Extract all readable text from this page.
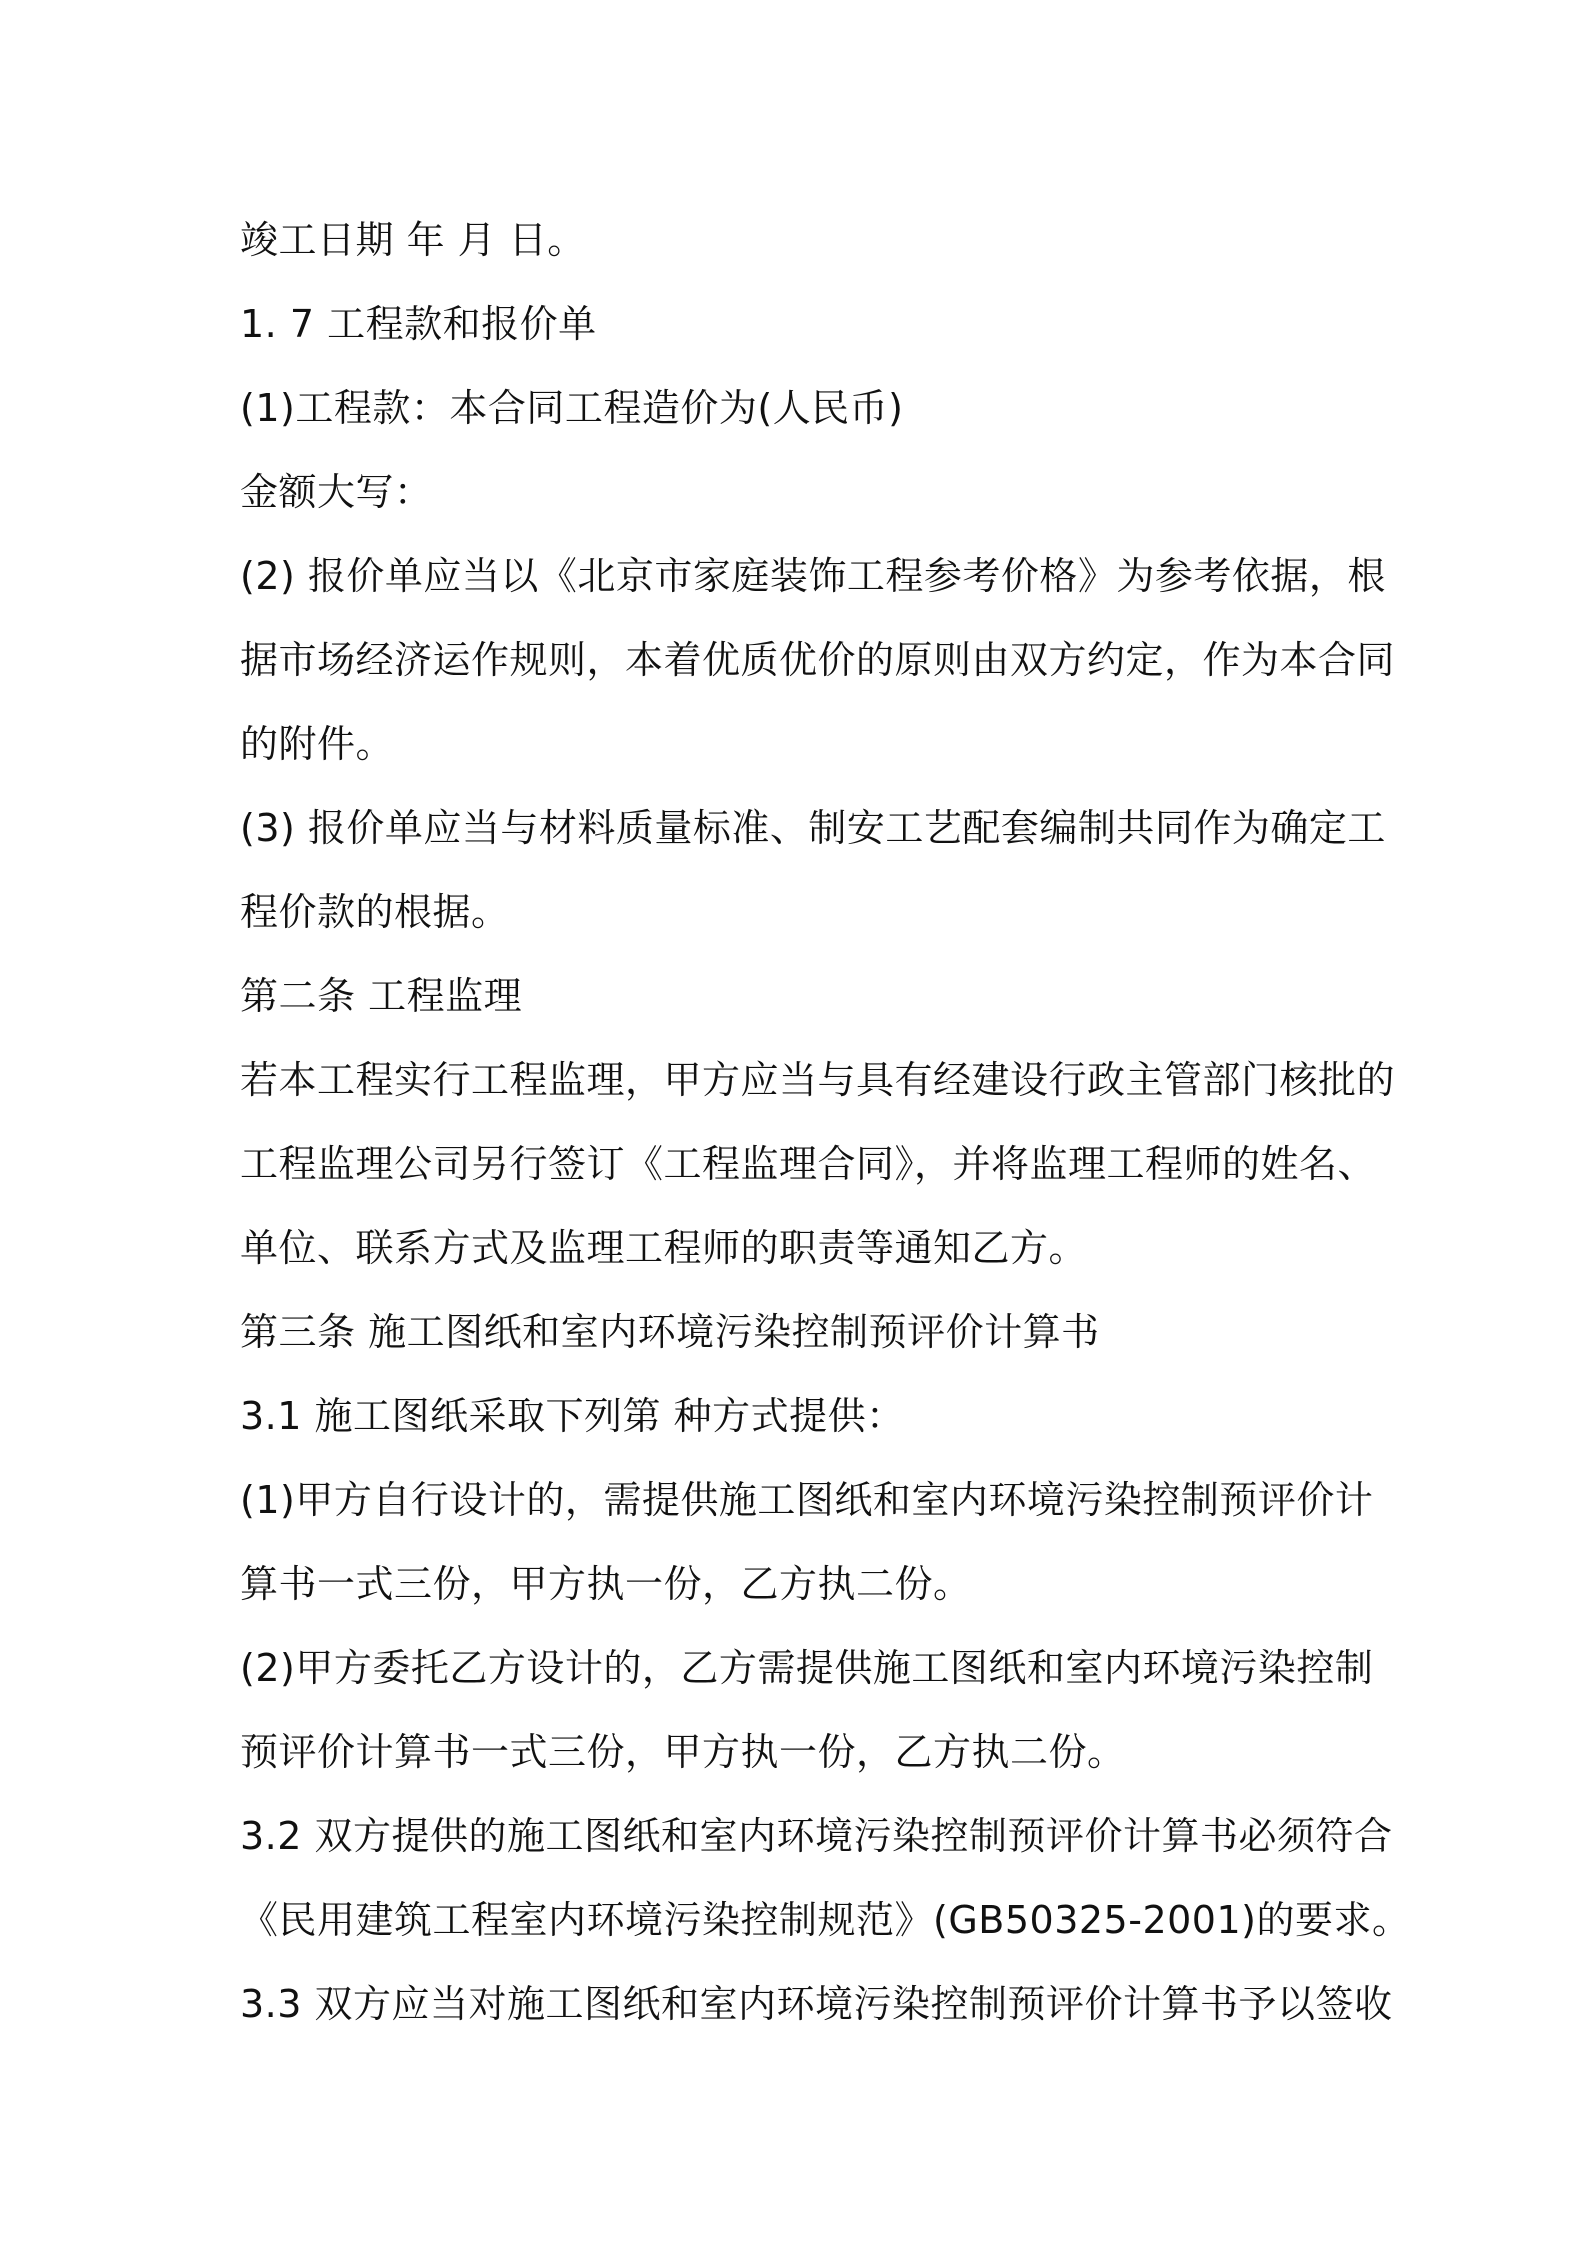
竣工日期 年 月 日。
1. 7 工程款和报价单
(1)工程款：本合同工程造价为(人民币)
金额大写：
(2) 报价单应当以《北京市家庭装饰工程参考价格》为参考依据，根
据市场经济运作规则，本着优质优价的原则由双方约定，作为本合同
的附件。
(3) 报价单应当与材料质量标准、制安工艺配套编制共同作为确定工
程价款的根据。
第二条 工程监理
若本工程实行工程监理，甲方应当与具有经建设行政主管部门核批的
工程监理公司另行签订《工程监理合同》，并将监理工程师的姓名、
单位、联系方式及监理工程师的职责等通知乙方。
第三条 施工图纸和室内环境污染控制预评价计算书
3.1 施工图纸采取下列第 种方式提供：
(1)甲方自行设计的，需提供施工图纸和室内环境污染控制预评价计
算书一式三份，甲方执一份，乙方执二份。
(2)甲方委托乙方设计的，乙方需提供施工图纸和室内环境污染控制
预评价计算书一式三份，甲方执一份，乙方执二份。
3.2 双方提供的施工图纸和室内环境污染控制预评价计算书必须符合
《民用建筑工程室内环境污染控制规范》(GB50325-2001)的要求。
3.3 双方应当对施工图纸和室内环境污染控制预评价计算书予以签收
